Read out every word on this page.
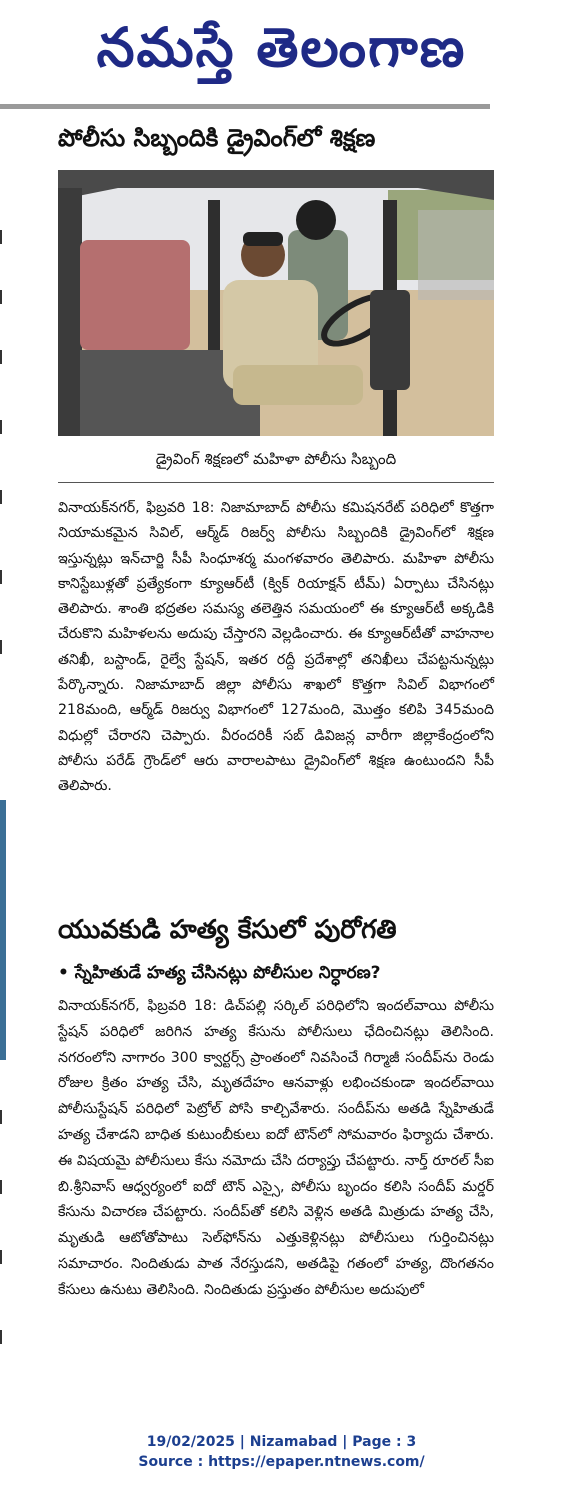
నమస్తే తెలంగాణ
పోలీసు సిబ్బందికి డ్రైవింగ్‌లో శిక్షణ
డ్రైవింగ్ శిక్షణలో మహిళా పోలీసు సిబ్బంది
వినాయక్‌నగర్, ఫిబ్రవరి 18: నిజామాబాద్ పోలీసు కమిషనరేట్ పరిధిలో కొత్తగా నియామకమైన సివిల్, ఆర్మ్‌డ్ రిజర్వ్ పోలీసు సిబ్బందికి డ్రైవింగ్‌లో శిక్షణ ఇస్తున్నట్లు ఇన్‌చార్జి సీపీ సింధూశర్మ మంగళవారం తెలిపారు. మహిళా పోలీసు కానిస్టేబుళ్లతో ప్రత్యేకంగా క్యూఆర్‌టీ (క్విక్ రియాక్షన్ టీమ్) ఏర్పాటు చేసినట్లు తెలిపారు. శాంతి భద్రతల సమస్య తలెత్తిన సమయంలో ఈ క్యూఆర్‌టీ అక్కడికి చేరుకొని మహిళలను అదుపు చేస్తారని వెల్లడించారు. ఈ క్యూఆర్‌టీతో వాహనాల తనిఖీ, బస్టాండ్, రైల్వే స్టేషన్, ఇతర రద్దీ ప్రదేశాల్లో తనిఖీలు చేపట్టనున్నట్లు పేర్కొన్నారు. నిజామాబాద్ జిల్లా పోలీసు శాఖలో కొత్తగా సివిల్ విభాగంలో 218మంది, ఆర్మ్‌డ్ రిజర్వు విభాగంలో 127మంది, మొత్తం కలిపి 345మంది విధుల్లో చేరారని చెప్పారు. వీరందరికీ సబ్ డివిజన్ల వారీగా జిల్లాకేంద్రంలోని పోలీసు పరేడ్ గ్రౌండ్‌లో ఆరు వారాలపాటు డ్రైవింగ్‌లో శిక్షణ ఉంటుందని సీపీ తెలిపారు.
యువకుడి హత్య కేసులో పురోగతి
• స్నేహితుడే హత్య చేసినట్లు పోలీసుల నిర్ధారణ?
వినాయక్‌నగర్, ఫిబ్రవరి 18: డిచ్‌పల్లి సర్కిల్ పరిధిలోని ఇందల్‌వాయి పోలీసు స్టేషన్ పరిధిలో జరిగిన హత్య కేసును పోలీసులు ఛేదించినట్లు తెలిసింది. నగరంలోని నాగారం 300 క్వార్టర్స్ ప్రాంతంలో నివసించే గిర్మాజీ సందీప్‌ను రెండు రోజుల క్రితం హత్య చేసి, మృతదేహం ఆనవాళ్లు లభించకుండా ఇందల్‌వాయి పోలీసుస్టేషన్ పరిధిలో పెట్రోల్ పోసి కాల్చివేశారు. సందీప్‌ను అతడి స్నేహితుడే హత్య చేశాడని బాధిత కుటుంబీకులు ఐదో టౌన్‌లో సోమవారం ఫిర్యాదు చేశారు. ఈ విషయమై పోలీసులు కేసు నమోదు చేసి దర్యాప్తు చేపట్టారు. నార్త్ రూరల్ సీఐ బి.శ్రీనివాస్ ఆధ్వర్యంలో ఐదో టౌన్ ఎస్సై, పోలీసు బృందం కలిసి సందీప్ మర్డర్ కేసును విచారణ చేపట్టారు. సందీప్‌తో కలిసి వెళ్లిన అతడి మిత్రుడు హత్య చేసి, మృతుడి ఆటోతోపాటు సెల్‌ఫోన్‌ను ఎత్తుకెళ్లినట్లు పోలీసులు గుర్తించినట్లు సమాచారం. నిందితుడు పాత నేరస్తుడని, అతడిపై గతంలో హత్య, దొంగతనం కేసులు ఉనుటు తెలిసింది. నిందితుడు ప్రస్తుతం పోలీసుల అదుపులో
19/02/2025 | Nizamabad | Page : 3
Source : https://epaper.ntnews.com/
